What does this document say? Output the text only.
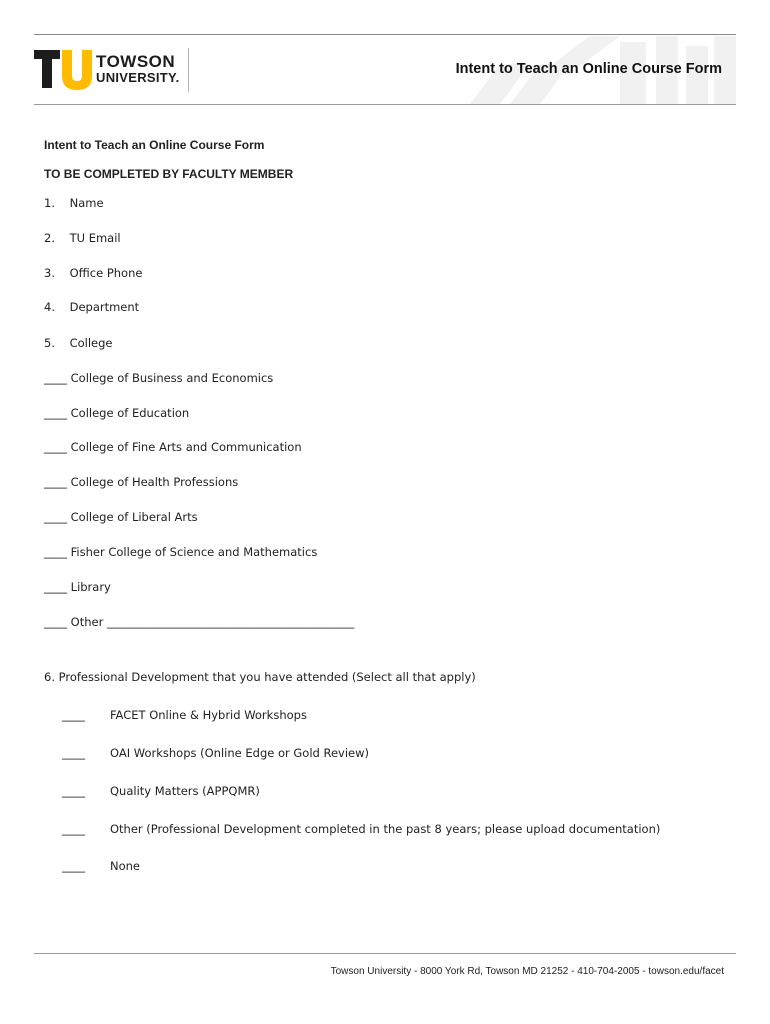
TOWSON
UNIVERSITY.
Intent to Teach an Online Course Form
Intent to Teach an Online Course Form
TO BE COMPLETED BY FACULTY MEMBER
1.    Name
2.    TU Email
3.    Office Phone
4.    Department
5.    College
____ College of Business and Economics
____ College of Education
____ College of Fine Arts and Communication
____ College of Health Professions
____ College of Liberal Arts
____ Fisher College of Science and Mathematics
____ Library
____ Other ___________________________________________
6. Professional Development that you have attended (Select all that apply)
____ FACET Online & Hybrid Workshops
____ OAI Workshops (Online Edge or Gold Review)
____ Quality Matters (APPQMR)
____ Other (Professional Development completed in the past 8 years; please upload documentation)
____ None
Towson University - 8000 York Rd, Towson MD 21252 - 410-704-2005 - towson.edu/facet
